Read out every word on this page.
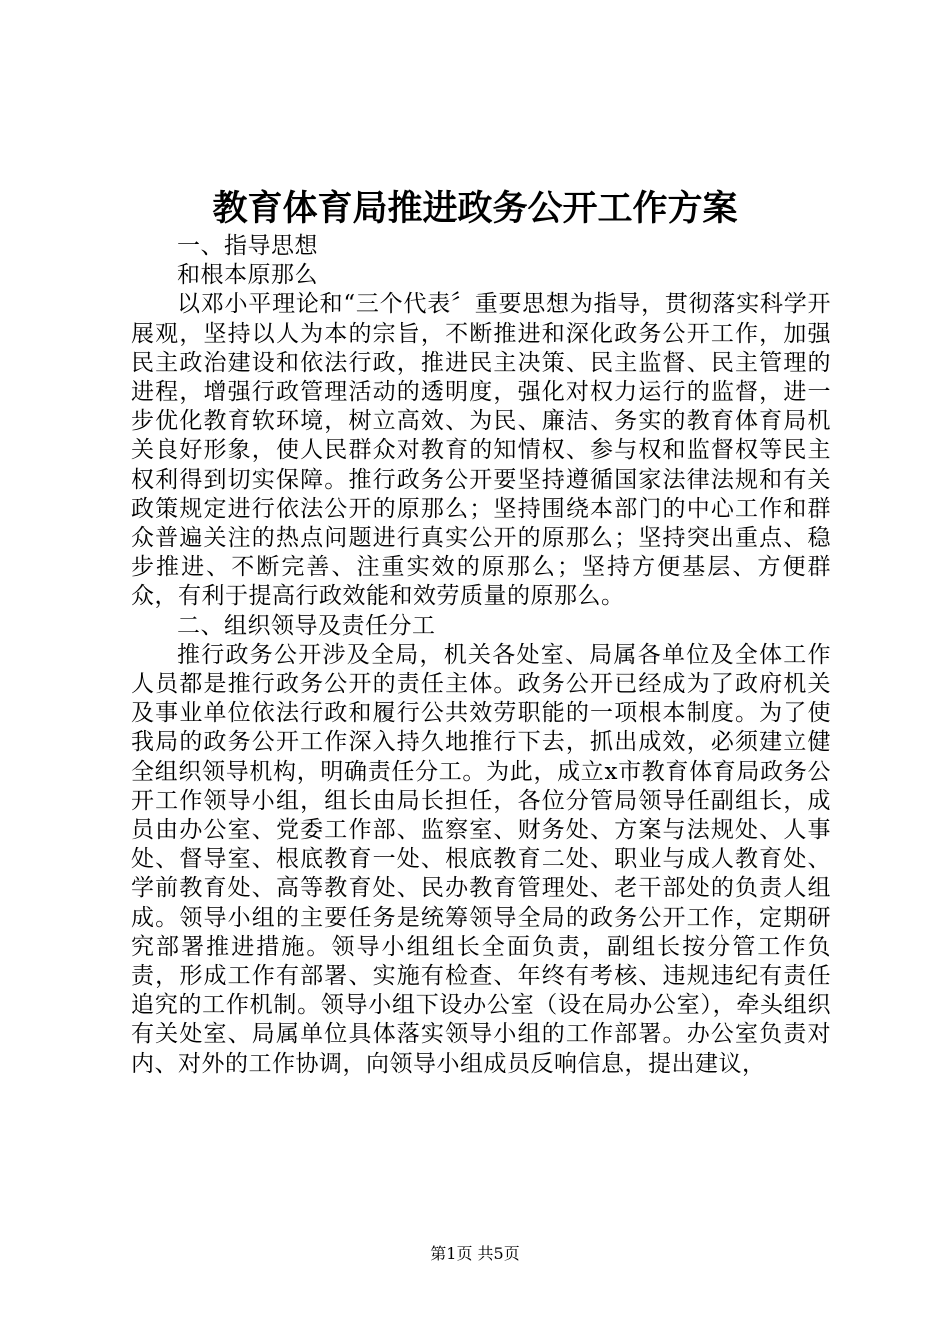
教育体育局推进政务公开工作方案

一、指导思想

和根本原那么

以邓小平理论和“三个代表〞重要思想为指导，贯彻落实科学开展观，坚持以人为本的宗旨，不断推进和深化政务公开工作，加强民主政治建设和依法行政，推进民主决策、民主监督、民主管理的进程，增强行政管理活动的透明度，强化对权力运行的监督，进一步优化教育软环境，树立高效、为民、廉洁、务实的教育体育局机关良好形象，使人民群众对教育的知情权、参与权和监督权等民主权利得到切实保障。推行政务公开要坚持遵循国家法律法规和有关政策规定进行依法公开的原那么；坚持围绕本部门的中心工作和群众普遍关注的热点问题进行真实公开的原那么；坚持突出重点、稳步推进、不断完善、注重实效的原那么；坚持方便基层、方便群众，有利于提高行政效能和效劳质量的原那么。

二、组织领导及责任分工

推行政务公开涉及全局，机关各处室、局属各单位及全体工作人员都是推行政务公开的责任主体。政务公开已经成为了政府机关及事业单位依法行政和履行公共效劳职能的一项根本制度。为了使我局的政务公开工作深入持久地推行下去，抓出成效，必须建立健全组织领导机构，明确责任分工。为此，成立x市教育体育局政务公开工作领导小组，组长由局长担任，各位分管局领导任副组长，成员由办公室、党委工作部、监察室、财务处、方案与法规处、人事处、督导室、根底教育一处、根底教育二处、职业与成人教育处、学前教育处、高等教育处、民办教育管理处、老干部处的负责人组成。领导小组的主要任务是统筹领导全局的政务公开工作，定期研究部署推进措施。领导小组组长全面负责，副组长按分管工作负责，形成工作有部署、实施有检查、年终有考核、违规违纪有责任追究的工作机制。领导小组下设办公室（设在局办公室），牵头组织有关处室、局属单位具体落实领导小组的工作部署。办公室负责对内、对外的工作协调，向领导小组成员反响信息，提出建议，

第1页 共5页
